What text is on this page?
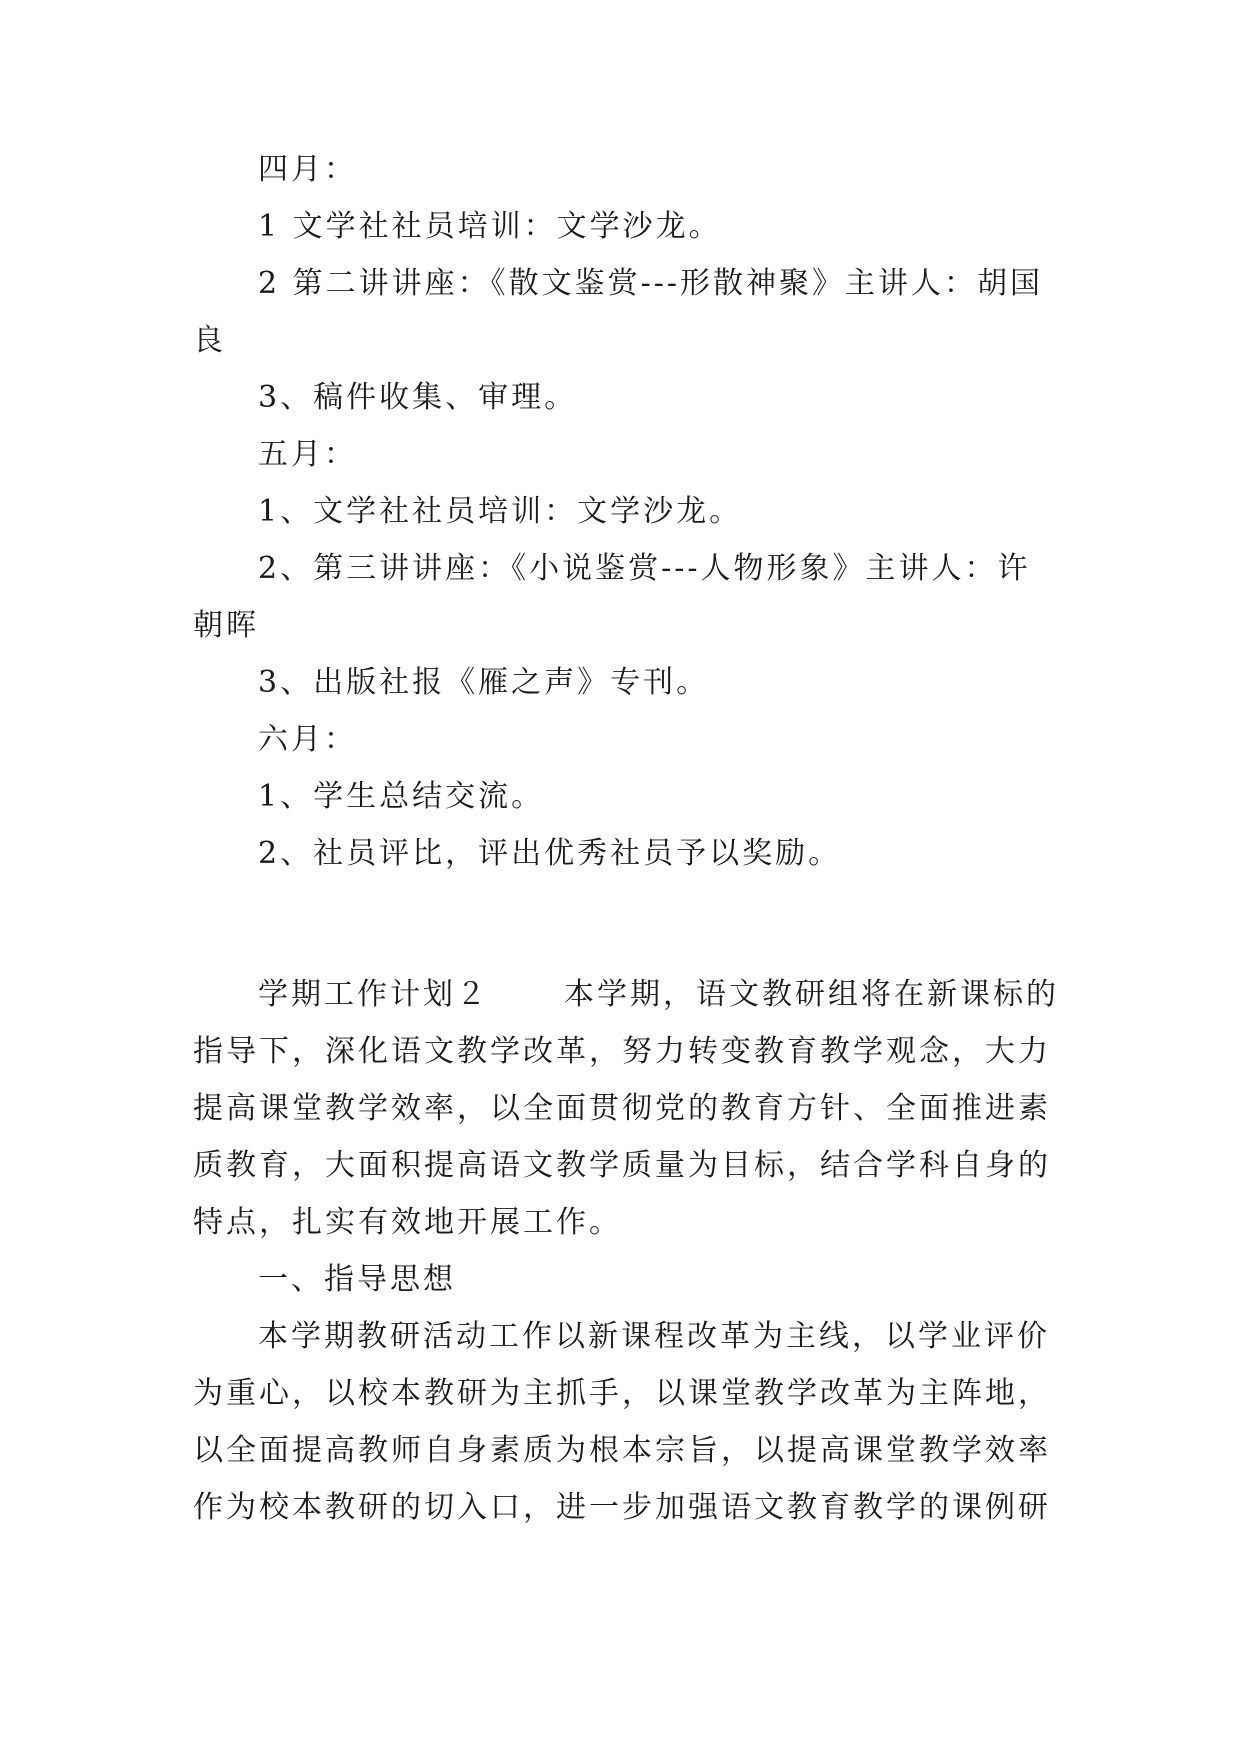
四月：
1 文学社社员培训：文学沙龙。
2 第二讲讲座：《散文鉴赏---形散神聚》主讲人：胡国
良
3、稿件收集、审理。
五月：
1、文学社社员培训：文学沙龙。
2、第三讲讲座：《小说鉴赏---人物形象》主讲人：许
朝晖
3、出版社报《雁之声》专刊。
六月：
1、学生总结交流。
2、社员评比，评出优秀社员予以奖励。
学期工作计划２	本学期，语文教研组将在新课标的
指导下，深化语文教学改革，努力转变教育教学观念，大力
提高课堂教学效率，以全面贯彻党的教育方针、全面推进素
质教育，大面积提高语文教学质量为目标，结合学科自身的
特点，扎实有效地开展工作。
一、指导思想
本学期教研活动工作以新课程改革为主线，以学业评价
为重心，以校本教研为主抓手，以课堂教学改革为主阵地，
以全面提高教师自身素质为根本宗旨，以提高课堂教学效率
作为校本教研的切入口，进一步加强语文教育教学的课例研
